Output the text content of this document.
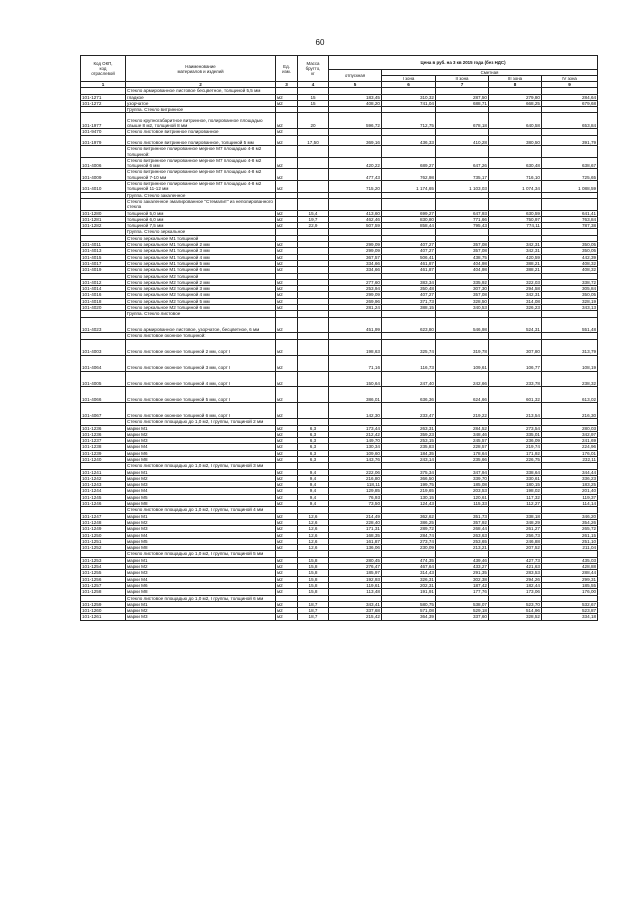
60
Код ОКП,
код
отраслевой	Наименование
материалов и изделий	Ед.
изм.	Масса
брутто,
кг	Цена в руб. на 3 кв 2015 года (без НДС)				
				отпускная	Сметная			
					I зона	II зона	III зона	IV зона
1	2	3	4	5	6	7	8	9
	Стекло армированное листовое бесцветное, толщиной 5,5 мм							
101-1271	гладкое	м2	15	183,45	310,32	287,50	279,80	284,64
101-1272	узорчатое	м2	15	408,20	741,04	688,71	668,25	679,68
	Группа. Стекло витринное							
101-1977	Стекло крупногабаритное витринное, полированное площадью свыше 8 м2, толщиной 8 мм	м2	20	596,72	712,75	678,18	640,58	653,84
101-9470	Стекло листовое витринное полированное	м2						
101-1979	Стекло листовое витринное полированное, толщиной 5 мм	м2	17,50	369,16	436,33	410,28	380,50	391,79
	Стекло витринное полированное мерное М7 площадью 4-8 м2 толщиной:							
101-4006	Стекло витринное полированное мерное М7 площадью 4-8 м2 толщиной 6 мм	м2		420,22	689,27	647,26	630,48	638,67
101-4009	Стекло витринное полированное мерное М7 площадью 4-8 м2 толщиной 7-10 мм	м2		477,43	762,98	735,17	716,10	725,65
101-4010	Стекло витринное полированное мерное М7 площадью 4-8 м2 толщиной 11-12 мм	м2		715,20	1 174,65	1 103,03	1 074,34	1 088,59
	Группа. Стекло закаленное							
	Стекло закаленное эмалированное "Стемалит" из неполированного стекла							
101-1280	толщиной 5,0 мм	м2	15,4	413,60	699,27	647,93	630,59	641,41
101-1281	толщиной 6,0 мм	м2	19,7	462,46	830,80	771,66	750,97	763,84
101-1282	толщиной 7,5 мм	м2	22,9	507,59	858,44	795,43	774,11	787,38
	Группа. Стекло зеркальное							
	Стекло зеркальное М1 толщиной							
101-4011	Стекло зеркальное М1 толщиной 2 мм	м2		299,09	407,27	357,08	342,31	350,05
101-4013	Стекло зеркальное М1 толщиной 3 мм	м2		299,09	407,27	357,08	342,31	350,05
101-4015	Стекло зеркальное М1 толщиной 4 мм	м2		367,57	506,41	438,75	420,59	442,39
101-4017	Стекло зеркальное М1 толщиной 5 мм	м2		334,66	461,87	404,98	388,21	408,32
101-4019	Стекло зеркальное М1 толщиной 6 мм	м2		334,66	461,87	404,98	388,21	408,32
	Стекло зеркальное М2 толщиной							
101-4012	Стекло зеркальное М2 толщиной 2 мм	м2		277,60	383,34	335,92	322,03	338,72
101-4014	Стекло зеркальное М2 толщиной 3 мм	м2		253,94	350,48	307,30	294,58	305,84
101-4016	Стекло зеркальное М2 толщиной 4 мм	м2		299,09	407,27	357,08	342,31	350,05
101-4018	Стекло зеркальное М2 толщиной 5 мм	м2		269,96	371,73	328,50	314,08	328,19
101-4020	Стекло зеркальное М2 толщиной 6 мм	м2		281,24	388,15	340,53	326,23	343,13
	Группа. Стекло листовое							
101-4023	Стекло армированное листовое, узорчатое, бесцветное, 6 мм	м2		451,99	623,80	546,98	524,31	551,48
	Стекло листовое оконное толщиной:							
101-4003	Стекло листовое оконное толщиной 2 мм, сорт I	м2		198,63	325,74	319,78	307,80	313,79
101-4064	Стекло листовое оконное толщиной 3 мм, сорт I	м2		71,16	116,73	109,61	106,77	108,19
101-4005	Стекло листовое оконное толщиной 4 мм, сорт I	м2		150,64	247,40	242,66	233,78	238,32
101-4066	Стекло листовое оконное толщиной 5 мм, сорт I	м2		386,01	636,36	624,66	601,32	613,02
101-4067	Стекло листовое оконное толщиной 6 мм, сорт I	м2		142,30	233,47	219,22	213,54	216,30
	Стекло листовое площадью до 1,0 м2, I группы, толщиной 2 мм							
101-1236	марки М1	м2	6,3	173,44	263,31	284,52	273,54	280,03
101-1236	марки М2	м2	6,3	212,42	359,23	348,46	335,01	342,97
101-1237	марки М3	м2	6,3	149,70	253,15	245,57	236,09	241,69
101-1238	марки М4	м2	6,3	130,34	235,83	228,57	219,74	224,96
101-1239	марки М6	м2	6,3	109,60	184,35	178,64	171,92	176,01
101-1240	марки М8	м2	6,3	143,76	243,14	235,66	226,75	232,11
	Стекло листовое площадью до 1,0 м2, I группы, толщиной 3 мм							
101-1241	марки М1	м2	9,4	222,06	375,34	347,94	338,64	344,44
101-1242	марки М2	м2	9,4	216,80	366,50	339,70	330,61	336,23
101-1243	марки М3	м2	9,4	118,11	199,75	185,08	180,15	183,25
101-1244	марки М4	м2	9,4	129,85	219,65	203,53	198,02	201,40
101-1245	марки М5	м2	9,4	76,93	130,15	120,61	117,32	119,37
101-1246	марки М8	м2	9,4	73,50	124,43	115,33	112,27	114,14
	Стекло листовое площадью до 1,0 м2, I группы, толщиной 4 мм							
101-1247	марки М1	м2	12,6	214,49	362,62	351,73	338,18	346,20
101-1248	марки М2	м2	12,6	228,40	386,25	357,92	348,29	354,26
101-1249	марки М3	м2	12,6	171,31	289,72	268,44	261,27	265,72
101-1250	марки М4	м2	12,6	168,35	284,74	263,63	256,73	261,15
101-1251	марки М5	м2	12,6	161,87	273,74	253,65	246,88	251,10
101-1252	марки М8	м2	12,6	136,06	230,09	213,21	207,52	211,04
	Стекло листовое площадью до 1,0 м2, I группы, толщиной 5 мм							
101-1253	марки М1	м2	15,8	280,45	474,35	439,46	427,73	435,03
101-1254	марки М2	м2	15,8	276,47	467,64	433,27	421,63	428,88
101-1255	марки М3	м2	15,8	185,97	314,43	291,35	283,53	288,44
101-1256	марки М4	м2	15,8	192,93	326,31	302,38	294,26	299,31
101-1257	марки М6	м2	15,8	119,61	202,31	187,42	182,44	185,55
101-1258	марки М8	м2	15,8	113,48	191,91	177,76	173,06	176,00
	Стекло листовое площадью до 1,0 м2, I группы, толщиной 6 мм							
101-1259	марки М1	м2	18,7	343,41	580,75	538,07	523,70	532,67
101-1260	марки М2	м2	18,7	337,68	571,08	529,18	514,96	523,87
101-1261	марки М3	м2	18,7	215,42	364,39	337,60	328,52	334,18
